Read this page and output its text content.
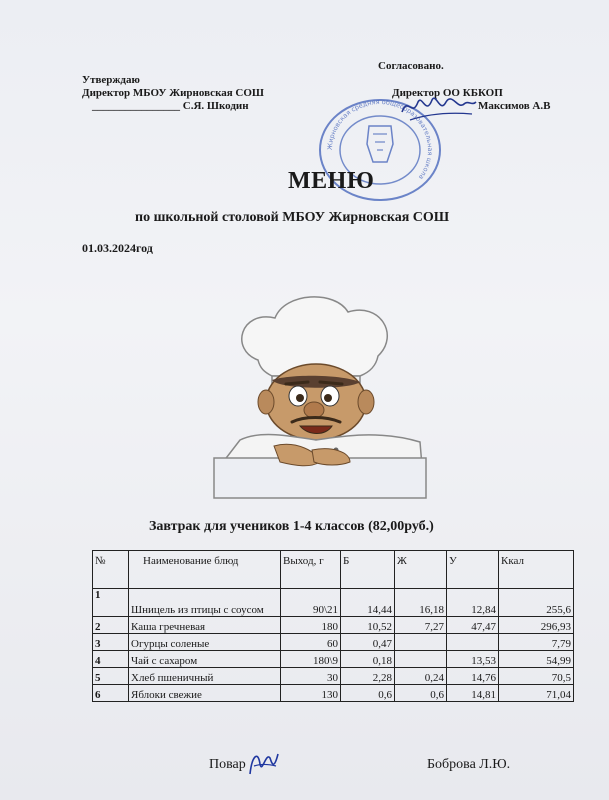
Утверждаю
Директор МБОУ Жирновская СОШ
________________ С.Я. Шкодин
Согласовано.
Директор ОО КБКОП
Максимов А.В
Жирновская средняя общеобразовательная школа
МЕНЮ
по школьной столовой МБОУ Жирновская СОШ
01.03.2024год
Завтрак для учеников 1-4 классов (82,00руб.)
№	Наименование блюд	Выход, г	Б	Ж	У	Ккал
1	Шницель из птицы с соусом	90\21	14,44	16,18	12,84	255,6
2	Каша гречневая	180	10,52	7,27	47,47	296,93
3	Огурцы соленые	60	0,47			7,79
4	Чай с сахаром	180\9	0,18		13,53	54,99
5	Хлеб пшеничный	30	2,28	0,24	14,76	70,5
6	Яблоки свежие	130	0,6	0,6	14,81	71,04
Повар	Боброва Л.Ю.
